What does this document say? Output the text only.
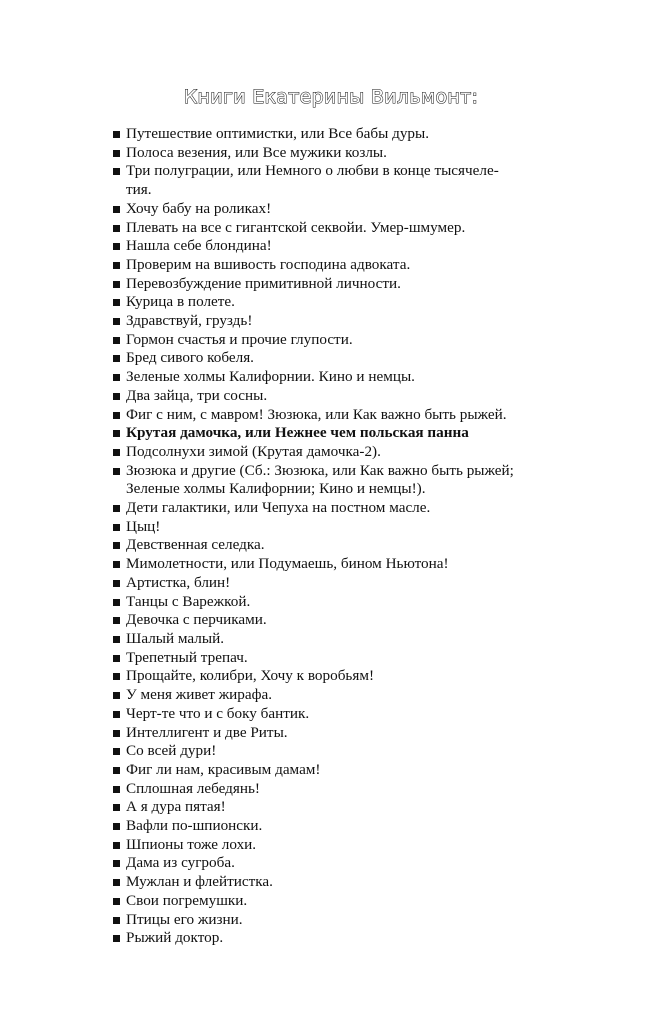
Книги Екатерины Вильмонт:
Путешествие оптимистки, или Все бабы дуры.
Полоса везения, или Все мужики козлы.
Три полуграции, или Немного о любви в конце тысячеле-
тия.
Хочу бабу на роликах!
Плевать на все с гигантской секвойи. Умер-шмумер.
Нашла себе блондина!
Проверим на вшивость господина адвоката.
Перевозбуждение примитивной личности.
Курица в полете.
Здравствуй, груздь!
Гормон счастья и прочие глупости.
Бред сивого кобеля.
Зеленые холмы Калифорнии. Кино и немцы.
Два зайца, три сосны.
Фиг с ним, с мавром! Зюзюка, или Как важно быть рыжей.
Крутая дамочка, или Нежнее чем польская панна
Подсолнухи зимой (Крутая дамочка-2).
Зюзюка и другие (Сб.: Зюзюка, или Как важно быть рыжей;
Зеленые холмы Калифорнии; Кино и немцы!).
Дети галактики, или Чепуха на постном масле.
Цыц!
Девственная селедка.
Мимолетности, или Подумаешь, бином Ньютона!
Артистка, блин!
Танцы с Варежкой.
Девочка с перчиками.
Шалый малый.
Трепетный трепач.
Прощайте, колибри, Хочу к воробьям!
У меня живет жирафа.
Черт-те что и с боку бантик.
Интеллигент и две Риты.
Со всей дури!
Фиг ли нам, красивым дамам!
Сплошная лебедянь!
А я дура пятая!
Вафли по-шпионски.
Шпионы тоже лохи.
Дама из сугроба.
Мужлан и флейтистка.
Свои погремушки.
Птицы его жизни.
Рыжий доктор.
